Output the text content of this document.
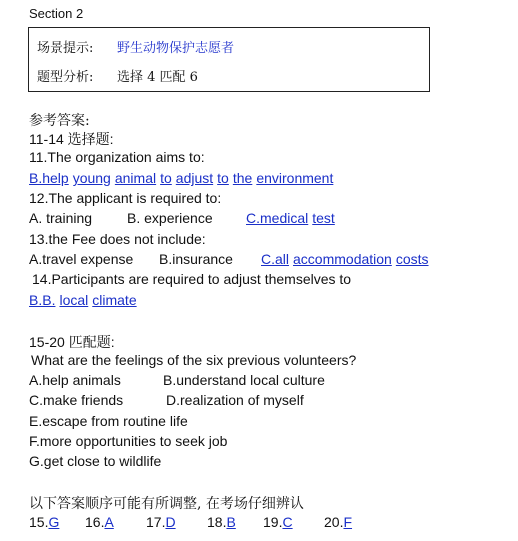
Section 2
场景提示: 野生动物保护志愿者
题型分析: 选择 4 匹配 6
参考答案:
11-14 选择题:
11.The organization aims to:
B.help young animal to adjust to the environment
12.The applicant is required to:
A. training B. experience C.medical test
13.the Fee does not include:
A.travel expense B.insurance C.all accommodation costs
14.Participants are required to adjust themselves to
B.B. local climate
15-20 匹配题:
What are the feelings of the six previous volunteers?
A.help animals	B.understand local culture
C.make friends	D.realization of myself
E.escape from routine life
F.more opportunities to seek job
G.get close to wildlife
以下答案顺序可能有所调整, 在考场仔细辨认
15.G 16.A 17.D 18.B 19.C 20.F
